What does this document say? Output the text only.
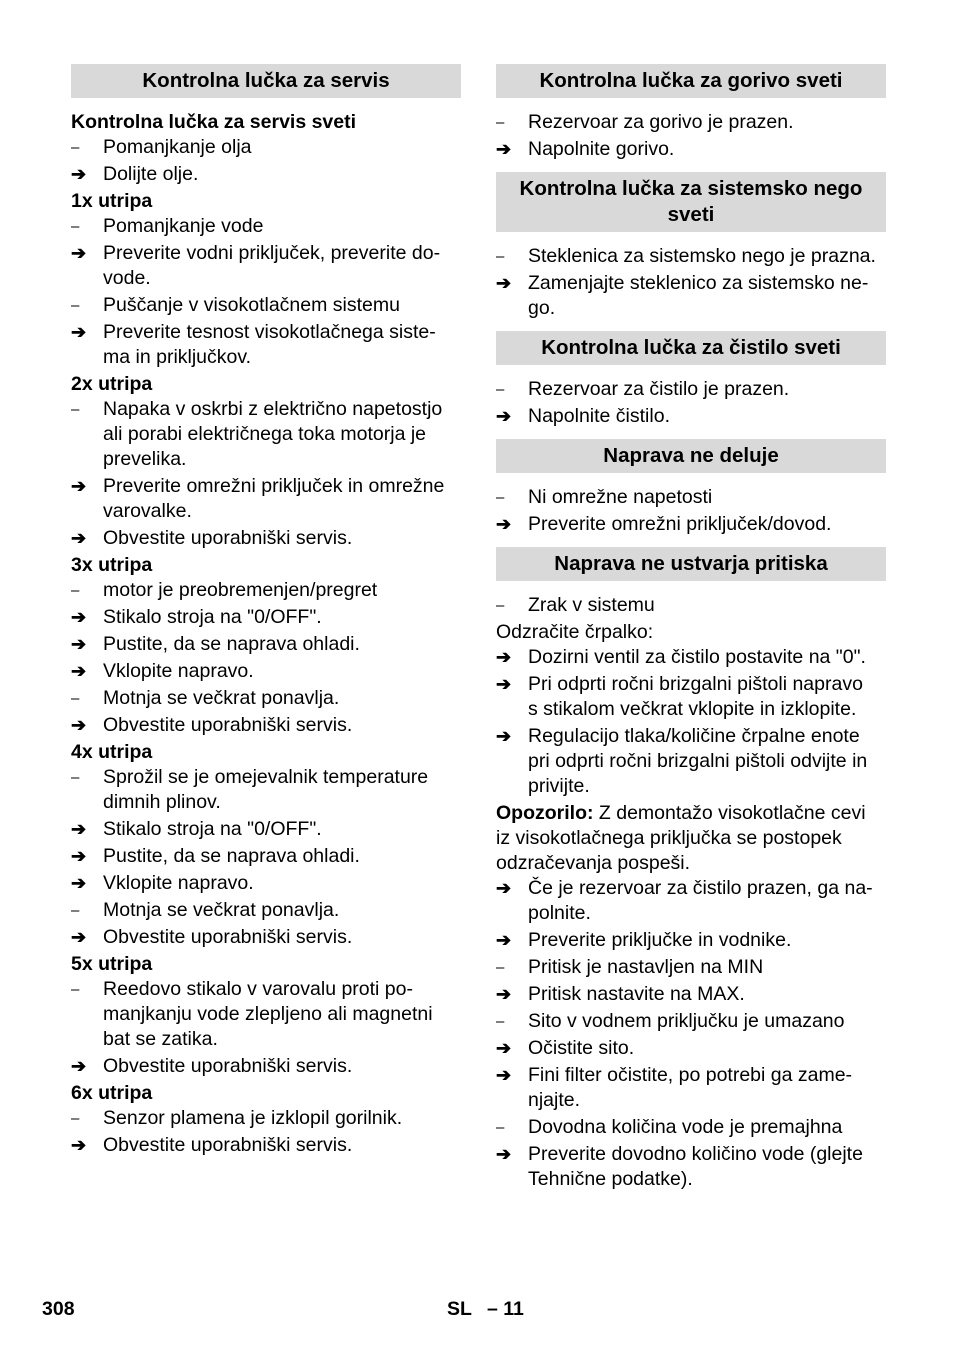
Kontrolna lučka za servis
Kontrolna lučka za servis sveti
–	Pomanjkanje olja
➔ Dolijte olje.
1x utripa
–	Pomanjkanje vode
➔ Preverite vodni priključek, preverite do-
vode.
–	Puščanje v visokotlačnem sistemu
➔ Preverite tesnost visokotlačnega siste-
ma in priključkov.
2x utripa
–	Napaka v oskrbi z električno napetostjo
ali porabi električnega toka motorja je
prevelika.
➔ Preverite omrežni priključek in omrežne
varovalke.
➔ Obvestite uporabniški servis.
3x utripa
–	motor je preobremenjen/pregret
➔ Stikalo stroja na "0/OFF".
➔ Pustite, da se naprava ohladi.
➔ Vklopite napravo.
–	Motnja se večkrat ponavlja.
➔ Obvestite uporabniški servis.
4x utripa
–	Sprožil se je omejevalnik temperature
dimnih plinov.
➔ Stikalo stroja na "0/OFF".
➔ Pustite, da se naprava ohladi.
➔ Vklopite napravo.
–	Motnja se večkrat ponavlja.
➔ Obvestite uporabniški servis.
5x utripa
–	Reedovo stikalo v varovalu proti po-
manjkanju vode zlepljeno ali magnetni
bat se zatika.
➔ Obvestite uporabniški servis.
6x utripa
–	Senzor plamena je izklopil gorilnik.
➔ Obvestite uporabniški servis.
Kontrolna lučka za gorivo sveti
–	Rezervoar za gorivo je prazen.
➔ Napolnite gorivo.
Kontrolna lučka za sistemsko nego
sveti
–	Steklenica za sistemsko nego je prazna.
➔ Zamenjajte steklenico za sistemsko ne-
go.
Kontrolna lučka za čistilo sveti
–	Rezervoar za čistilo je prazen.
➔ Napolnite čistilo.
Naprava ne deluje
–	Ni omrežne napetosti
➔ Preverite omrežni priključek/dovod.
Naprava ne ustvarja pritiska
–	Zrak v sistemu
Odzračite črpalko:
➔ Dozirni ventil za čistilo postavite na "0".
➔ Pri odprti ročni brizgalni pištoli napravo
s stikalom večkrat vklopite in izklopite.
➔ Regulacijo tlaka/količine črpalne enote
pri odprti ročni brizgalni pištoli odvijte in
privijte.
Opozorilo: Z demontažo visokotlačne cevi
iz visokotlačnega priključka se postopek
odzračevanja pospeši.
➔ Če je rezervoar za čistilo prazen, ga na-
polnite.
➔ Preverite priključke in vodnike.
–	Pritisk je nastavljen na MIN
➔ Pritisk nastavite na MAX.
–	Sito v vodnem priključku je umazano
➔ Očistite sito.
➔ Fini filter očistite, po potrebi ga zame-
njajte.
–	Dovodna količina vode je premajhna
➔ Preverite dovodno količino vode (glejte
Tehnične podatke).
308	SL – 11
